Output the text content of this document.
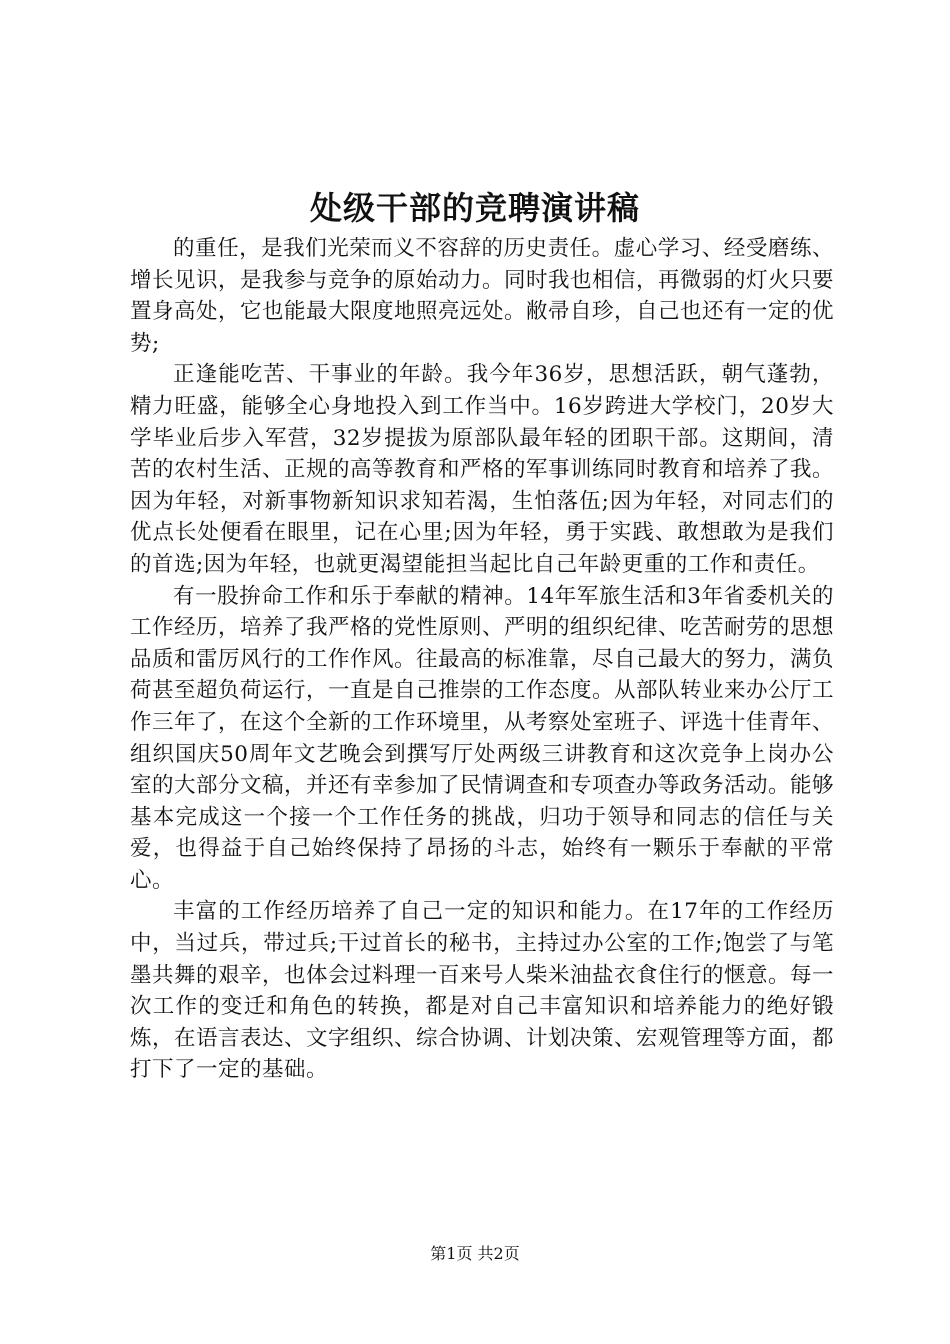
处级干部的竞聘演讲稿

的重任，是我们光荣而义不容辞的历史责任。虚心学习、经受磨练、增长见识，是我参与竞争的原始动力。同时我也相信，再微弱的灯火只要置身高处，它也能最大限度地照亮远处。敝帚自珍，自己也还有一定的优势;

正逢能吃苦、干事业的年龄。我今年36岁，思想活跃，朝气蓬勃，精力旺盛，能够全心身地投入到工作当中。16岁跨进大学校门，20岁大学毕业后步入军营，32岁提拔为原部队最年轻的团职干部。这期间，清苦的农村生活、正规的高等教育和严格的军事训练同时教育和培养了我。因为年轻，对新事物新知识求知若渴，生怕落伍;因为年轻，对同志们的优点长处便看在眼里，记在心里;因为年轻，勇于实践、敢想敢为是我们的首选;因为年轻，也就更渴望能担当起比自己年龄更重的工作和责任。

有一股拚命工作和乐于奉献的精神。14年军旅生活和3年省委机关的工作经历，培养了我严格的党性原则、严明的组织纪律、吃苦耐劳的思想品质和雷厉风行的工作作风。往最高的标准靠，尽自己最大的努力，满负荷甚至超负荷运行，一直是自己推崇的工作态度。从部队转业来办公厅工作三年了，在这个全新的工作环境里，从考察处室班子、评选十佳青年、组织国庆50周年文艺晚会到撰写厅处两级三讲教育和这次竞争上岗办公室的大部分文稿，并还有幸参加了民情调查和专项查办等政务活动。能够基本完成这一个接一个工作任务的挑战，归功于领导和同志的信任与关爱，也得益于自己始终保持了昂扬的斗志，始终有一颗乐于奉献的平常心。

丰富的工作经历培养了自己一定的知识和能力。在17年的工作经历中，当过兵，带过兵;干过首长的秘书，主持过办公室的工作;饱尝了与笔墨共舞的艰辛，也体会过料理一百来号人柴米油盐衣食住行的惬意。每一次工作的变迁和角色的转换，都是对自己丰富知识和培养能力的绝好锻炼，在语言表达、文字组织、综合协调、计划决策、宏观管理等方面，都打下了一定的基础。

第1页 共2页
